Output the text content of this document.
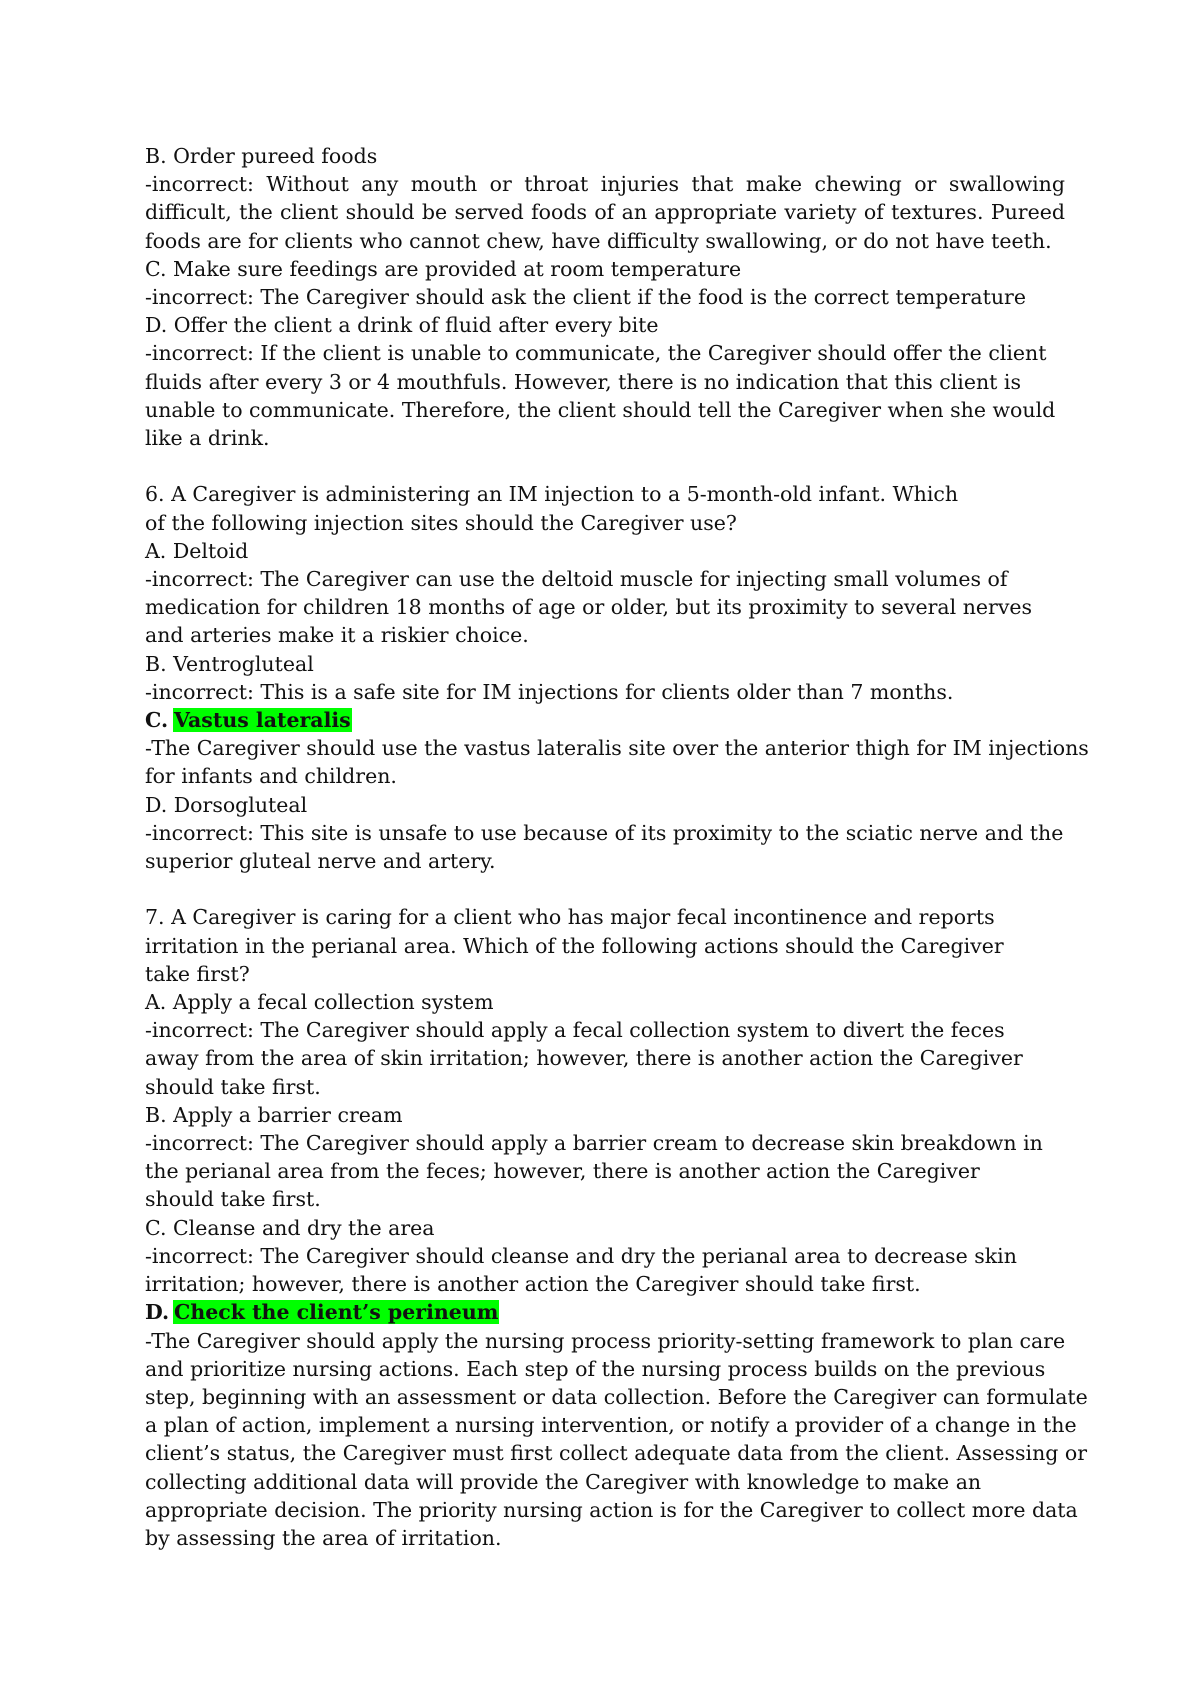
B. Order pureed foods
-incorrect: Without any mouth or throat injuries that make chewing or swallowing
difficult, the client should be served foods of an appropriate variety of textures. Pureed
foods are for clients who cannot chew, have difficulty swallowing, or do not have teeth.
C. Make sure feedings are provided at room temperature
-incorrect: The Caregiver should ask the client if the food is the correct temperature
D. Offer the client a drink of fluid after every bite
-incorrect: If the client is unable to communicate, the Caregiver should offer the client
fluids after every 3 or 4 mouthfuls. However, there is no indication that this client is
unable to communicate. Therefore, the client should tell the Caregiver when she would
like a drink.
6. A Caregiver is administering an IM injection to a 5-month-old infant. Which
of the following injection sites should the Caregiver use?
A. Deltoid
-incorrect: The Caregiver can use the deltoid muscle for injecting small volumes of
medication for children 18 months of age or older, but its proximity to several nerves
and arteries make it a riskier choice.
B. Ventrogluteal
-incorrect: This is a safe site for IM injections for clients older than 7 months.
C. Vastus lateralis
-The Caregiver should use the vastus lateralis site over the anterior thigh for IM injections
for infants and children.
D. Dorsogluteal
-incorrect: This site is unsafe to use because of its proximity to the sciatic nerve and the
superior gluteal nerve and artery.
7. A Caregiver is caring for a client who has major fecal incontinence and reports
irritation in the perianal area. Which of the following actions should the Caregiver
take first?
A. Apply a fecal collection system
-incorrect: The Caregiver should apply a fecal collection system to divert the feces
away from the area of skin irritation; however, there is another action the Caregiver
should take first.
B. Apply a barrier cream
-incorrect: The Caregiver should apply a barrier cream to decrease skin breakdown in
the perianal area from the feces; however, there is another action the Caregiver
should take first.
C. Cleanse and dry the area
-incorrect: The Caregiver should cleanse and dry the perianal area to decrease skin
irritation; however, there is another action the Caregiver should take first.
D. Check the client’s perineum
-The Caregiver should apply the nursing process priority-setting framework to plan care
and prioritize nursing actions. Each step of the nursing process builds on the previous
step, beginning with an assessment or data collection. Before the Caregiver can formulate
a plan of action, implement a nursing intervention, or notify a provider of a change in the
client’s status, the Caregiver must first collect adequate data from the client. Assessing or
collecting additional data will provide the Caregiver with knowledge to make an
appropriate decision. The priority nursing action is for the Caregiver to collect more data
by assessing the area of irritation.
